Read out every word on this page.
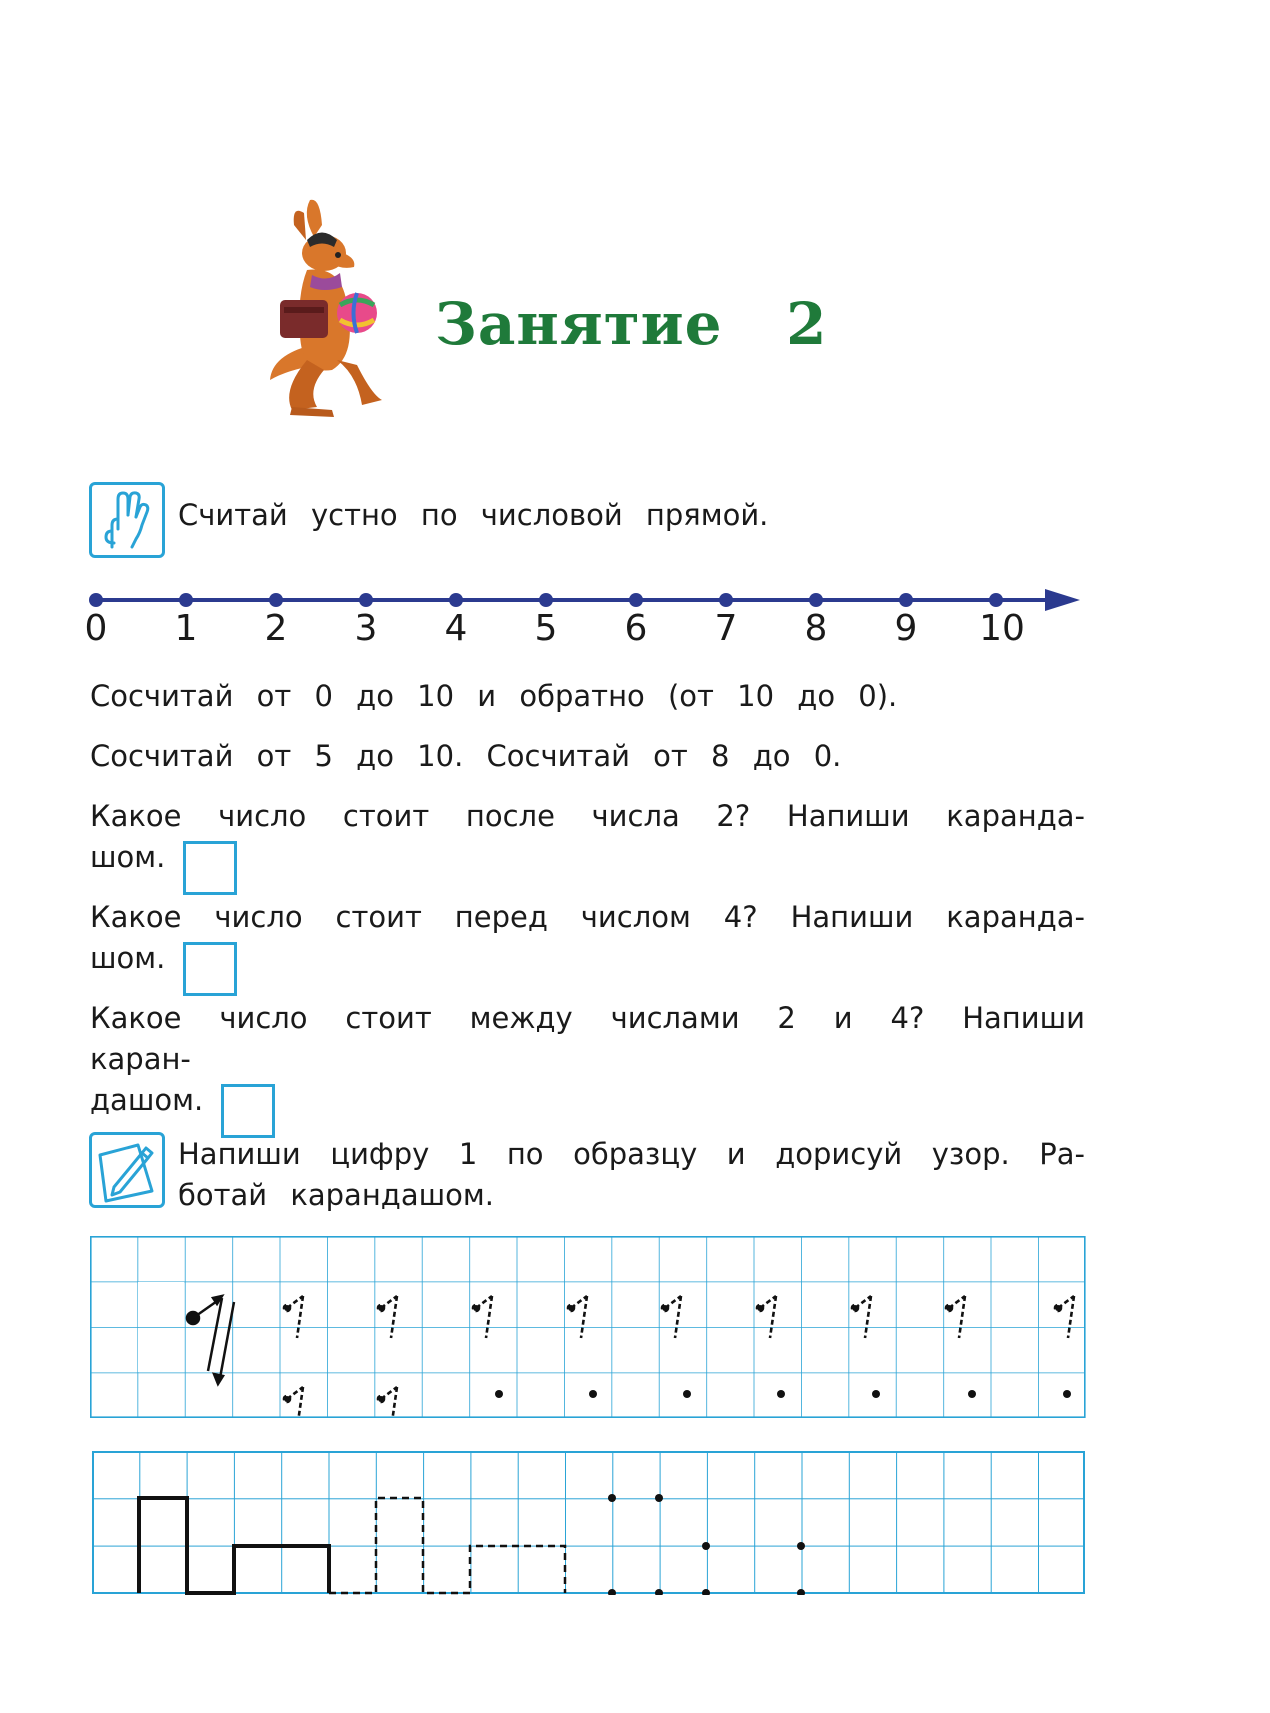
Занятие 2
Считай устно по числовой прямой.
0	1	2	3	4	5	6	7	8	9	10
Сосчитай от 0 до 10 и обратно (от 10 до 0).
Сосчитай от 5 до 10. Сосчитай от 8 до 0.
Какое число стоит после числа 2? Напиши каранда-
шом.
Какое число стоит перед числом 4? Напиши каранда-
шом.
Какое число стоит между числами 2 и 4? Напиши каран-
дашом.
Напиши цифру 1 по образцу и дорисуй узор. Ра-
ботай карандашом.
